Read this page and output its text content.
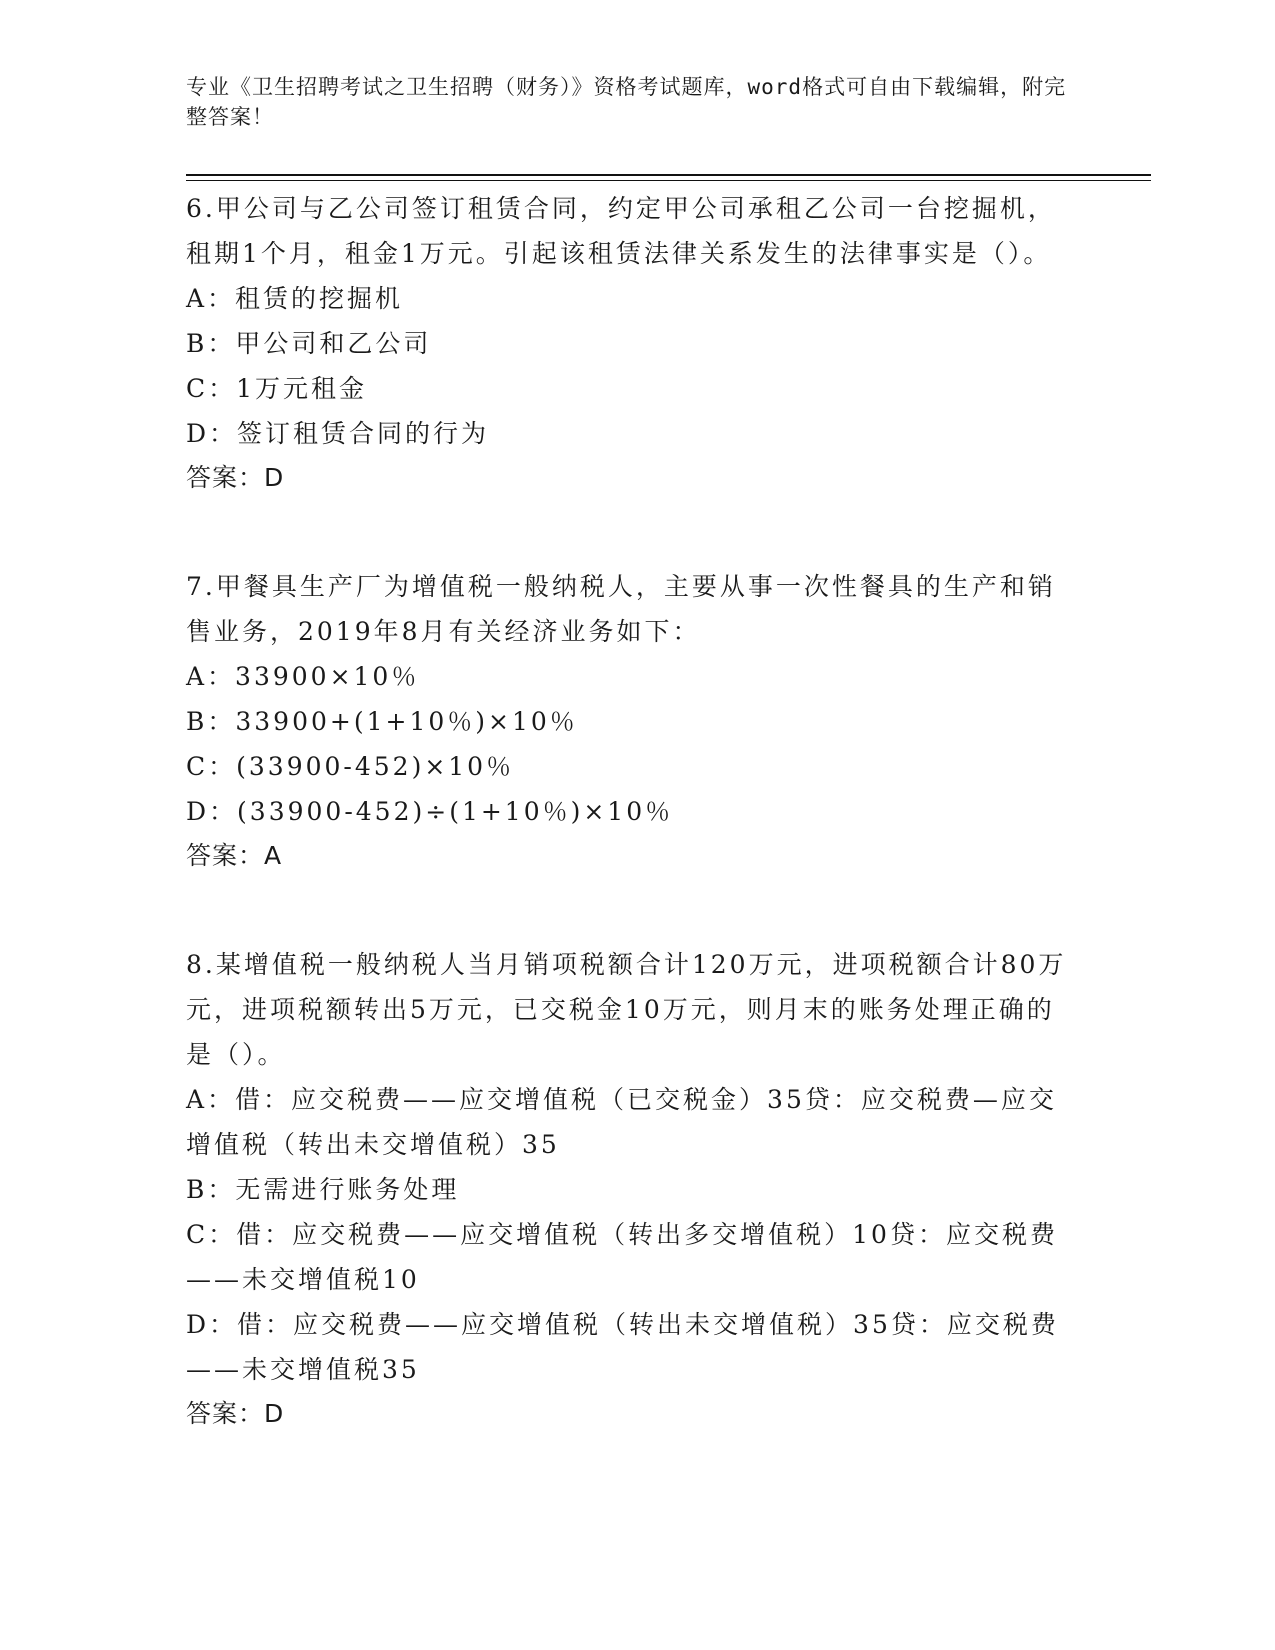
专业《卫生招聘考试之卫生招聘（财务）》资格考试题库，word格式可自由下载编辑，附完整答案！

6.甲公司与乙公司签订租赁合同，约定甲公司承租乙公司一台挖掘机，租期1个月，租金1万元。引起该租赁法律关系发生的法律事实是（）。

A：租赁的挖掘机

B：甲公司和乙公司

C：1万元租金

D：签订租赁合同的行为

答案：D

7.甲餐具生产厂为增值税一般纳税人，主要从事一次性餐具的生产和销售业务，2019年8月有关经济业务如下：

A：33900×10％

B：33900+(1+10％)×10％

C：(33900-452)×10％

D：(33900-452)÷(1+10％)×10％

答案：A

8.某增值税一般纳税人当月销项税额合计120万元，进项税额合计80万元，进项税额转出5万元，已交税金10万元，则月末的账务处理正确的是（）。

A：借：应交税费——应交增值税（已交税金）35贷：应交税费—应交增值税（转出未交增值税）35

B：无需进行账务处理

C：借：应交税费——应交增值税（转出多交增值税）10贷：应交税费——未交增值税10

D：借：应交税费——应交增值税（转出未交增值税）35贷：应交税费——未交增值税35

答案：D
